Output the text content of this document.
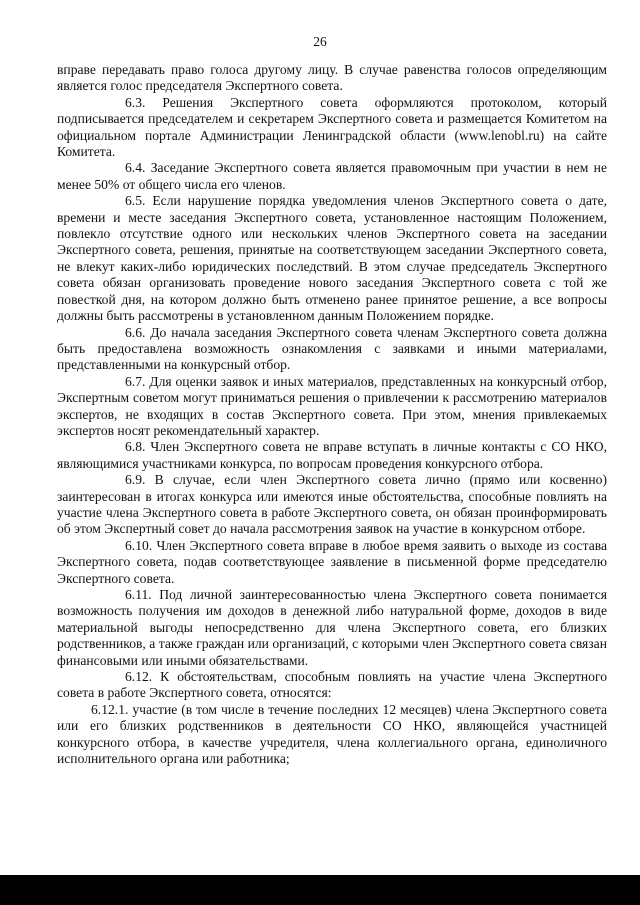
26

вправе передавать право голоса другому лицу. В случае равенства голосов определяющим является голос председателя Экспертного совета.

6.3. Решения Экспертного совета оформляются протоколом, который подписывается председателем и секретарем Экспертного совета и размещается Комитетом на официальном портале Администрации Ленинградской области (www.lenobl.ru) на сайте Комитета.

6.4. Заседание Экспертного совета является правомочным при участии в нем не менее 50% от общего числа его членов.

6.5. Если нарушение порядка уведомления членов Экспертного совета о дате, времени и месте заседания Экспертного совета, установленное настоящим Положением, повлекло отсутствие одного или нескольких членов Экспертного совета на заседании Экспертного совета, решения, принятые на соответствующем заседании Экспертного совета, не влекут каких-либо юридических последствий. В этом случае председатель Экспертного совета обязан организовать проведение нового заседания Экспертного совета с той же повесткой дня, на котором должно быть отменено ранее принятое решение, а все вопросы должны быть рассмотрены в установленном данным Положением порядке.

6.6. До начала заседания Экспертного совета членам Экспертного совета должна быть предоставлена возможность ознакомления с заявками и иными материалами, представленными на конкурсный отбор.

6.7. Для оценки заявок и иных материалов, представленных на конкурсный отбор, Экспертным советом могут приниматься решения о привлечении к рассмотрению материалов экспертов, не входящих в состав Экспертного совета. При этом, мнения привлекаемых экспертов носят рекомендательный характер.

6.8. Член Экспертного совета не вправе вступать в личные контакты с СО НКО, являющимися участниками конкурса, по вопросам проведения конкурсного отбора.

6.9. В случае, если член Экспертного совета лично (прямо или косвенно) заинтересован в итогах конкурса или имеются иные обстоятельства, способные повлиять на участие члена Экспертного совета в работе Экспертного совета, он обязан проинформировать об этом Экспертный совет до начала рассмотрения заявок на участие в конкурсном отборе.

6.10. Член Экспертного совета вправе в любое время заявить о выходе из состава Экспертного совета, подав соответствующее заявление в письменной форме председателю Экспертного совета.

6.11. Под личной заинтересованностью члена Экспертного совета понимается возможность получения им доходов в денежной либо натуральной форме, доходов в виде материальной выгоды непосредственно для члена Экспертного совета, его близких родственников, а также граждан или организаций, с которыми член Экспертного совета связан финансовыми или иными обязательствами.

6.12. К обстоятельствам, способным повлиять на участие члена Экспертного совета в работе Экспертного совета, относятся:

6.12.1. участие (в том числе в течение последних 12 месяцев) члена Экспертного совета или его близких родственников в деятельности СО НКО, являющейся участницей конкурсного отбора, в качестве учредителя, члена коллегиального органа, единоличного исполнительного органа или работника;
